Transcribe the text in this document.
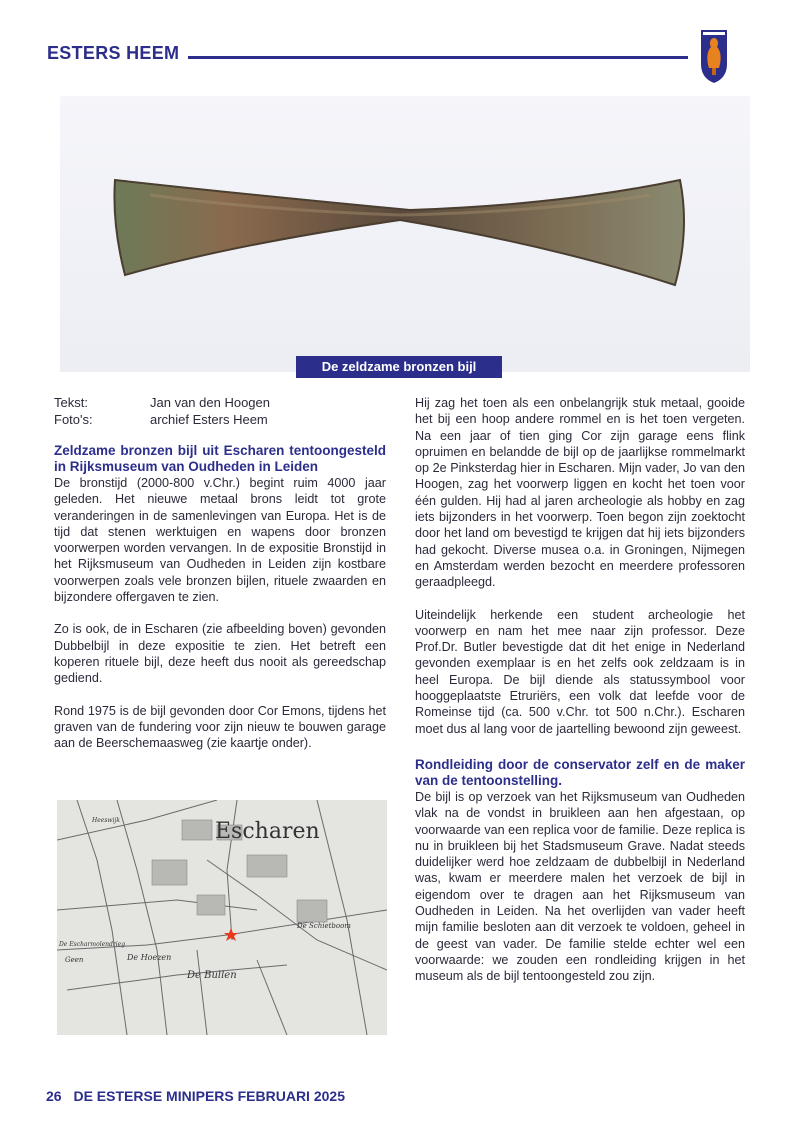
ESTERS HEEM
De zeldzame bronzen bijl
Tekst:	Jan van den Hoogen
Foto's:	archief Esters Heem
Zeldzame bronzen bijl uit Escharen tentoongesteld in Rijksmuseum van Oudheden in Leiden

De bronstijd (2000-800 v.Chr.) begint ruim 4000 jaar geleden. Het nieuwe metaal brons leidt tot grote veranderingen in de samenlevingen van Europa. Het is de tijd dat stenen werktuigen en wapens door bronzen voorwerpen worden vervangen. In de expositie Bronstijd in het Rijksmuseum van Oudheden in Leiden zijn kostbare voorwerpen zoals vele bronzen bijlen, rituele zwaarden en bijzondere offergaven te zien.

Zo is ook, de in Escharen (zie afbeelding boven) gevonden Dubbelbijl in deze expositie te zien. Het betreft een koperen rituele bijl, deze heeft dus nooit als gereedschap gediend.

Rond 1975 is de bijl gevonden door Cor Emons, tijdens het graven van de fundering voor zijn nieuw te bouwen garage aan de Beerschemaasweg (zie kaartje onder).

Hij zag het toen als een onbelangrijk stuk metaal, gooide het bij een hoop andere rommel en is het toen vergeten. Na een jaar of tien ging Cor zijn garage eens flink opruimen en belandde de bijl op de jaarlijkse rommelmarkt op 2e Pinksterdag hier in Escharen. Mijn vader, Jo van den Hoogen, zag het voorwerp liggen en kocht het toen voor één gulden. Hij had al jaren archeologie als hobby en zag iets bijzonders in het voorwerp. Toen begon zijn zoektocht door het land om bevestigd te krijgen dat hij iets bijzonders had gekocht. Diverse musea o.a. in Groningen, Nijmegen en Amsterdam werden bezocht en meerdere professoren geraadpleegd.

Uiteindelijk herkende een student archeologie het voorwerp en nam het mee naar zijn professor. Deze Prof.Dr. Butler bevestigde dat dit het enige in Nederland gevonden exemplaar is en het zelfs ook zeldzaam is in heel Europa. De bijl diende als statussymbool voor hooggeplaatste Etruriërs, een volk dat leefde voor de Romeinse tijd (ca. 500 v.Chr. tot 500 n.Chr.). Escharen moet dus al lang voor de jaartelling bewoond zijn geweest.

Rondleiding door de conservator zelf en de maker van de tentoonstelling.

De bijl is op verzoek van het Rijksmuseum van Oudheden vlak na de vondst in bruikleen aan hen afgestaan, op voorwaarde van een replica voor de familie. Deze replica is nu in bruikleen bij het Stadsmuseum Grave. Nadat steeds duidelijker werd hoe zeldzaam de dubbelbijl in Nederland was, kwam er meerdere malen het verzoek de bijl in eigendom over te dragen aan het Rijksmuseum van Oudheden in Leiden. Na het overlijden van vader heeft mijn familie besloten aan dit verzoek te voldoen, geheel in de geest van vader. De familie stelde echter wel een voorwaarde: we zouden een rondleiding krijgen in het museum als de bijl tentoongesteld zou zijn.

Escharen
De Bullen
De Schietboom
De Escharmolendrieg
Heeswijk
De Hoezen
Geen
26 DE ESTERSE MINIPERS FEBRUARI 2025
